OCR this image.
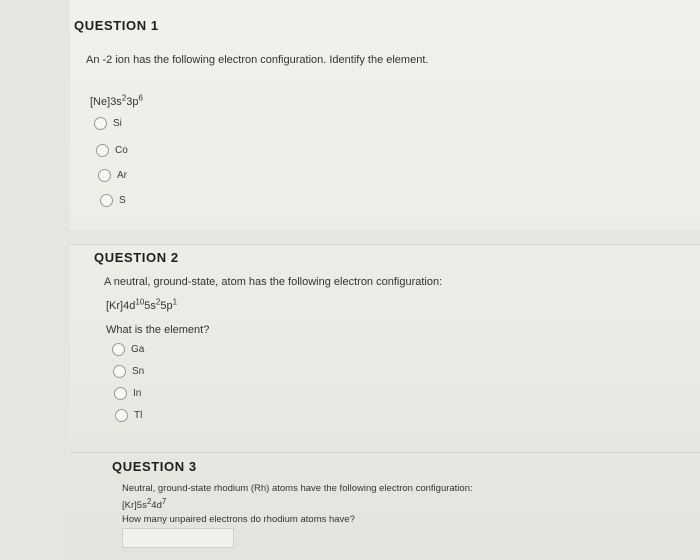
QUESTION 1
An -2 ion has the following electron configuration. Identify the element.
$[Ne]3s^23p^6$
Si
Co
Ar
S
QUESTION 2
A neutral, ground-state, atom has the following electron configuration:
$[Kr]4d^{10}5s^25p^1$
What is the element?
Ga
Sn
In
Tl
QUESTION 3
Neutral, ground-state rhodium (Rh) atoms have the following electron configuration:
$[Kr]5s^24d^7$
How many unpaired electrons do rhodium atoms have?
